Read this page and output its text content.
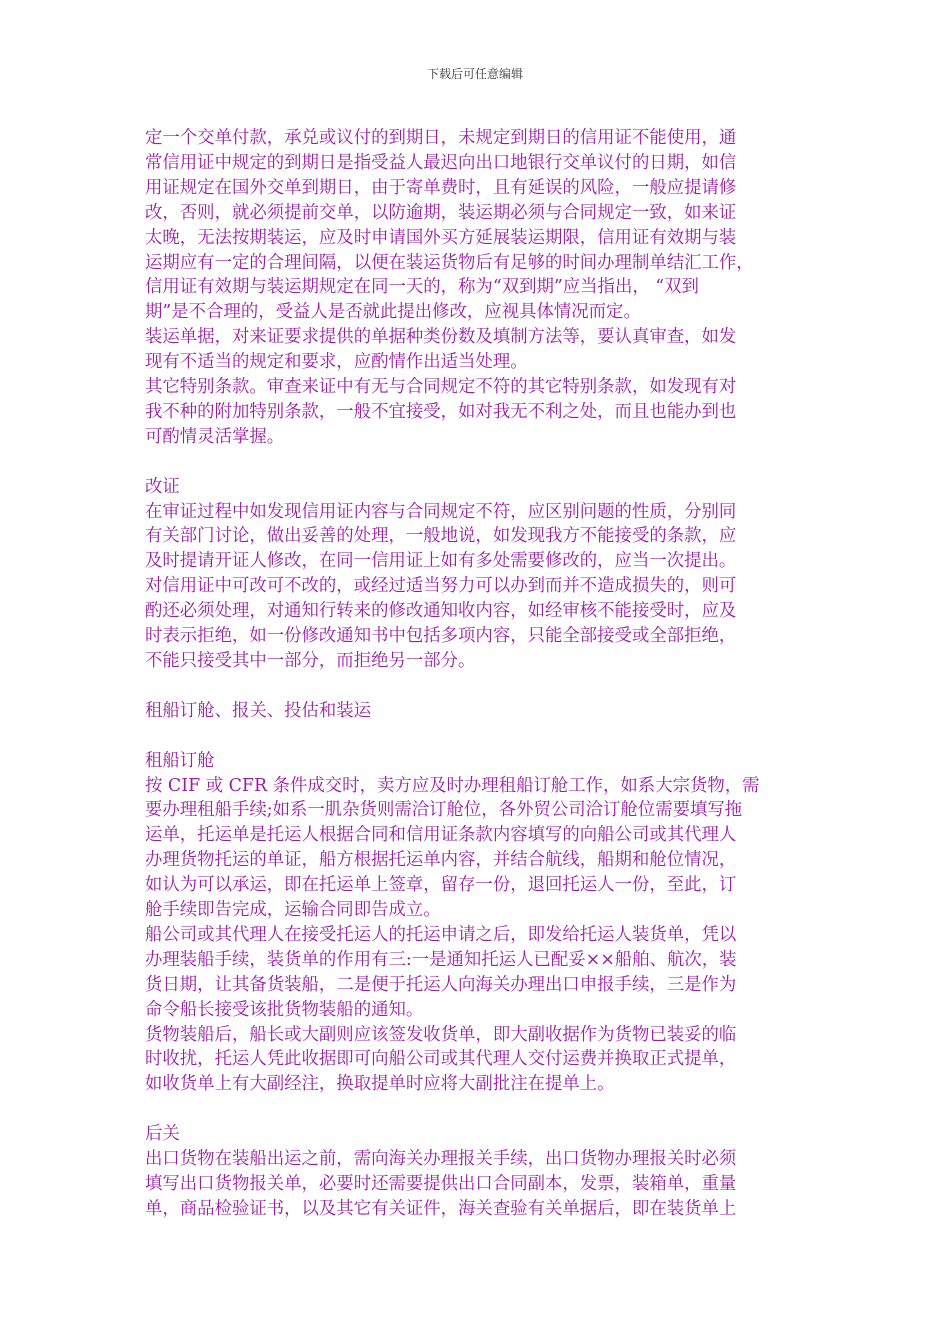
下载后可任意编辑
定一个交单付款，承兑或议付的到期日，未规定到期日的信用证不能使用，通
常信用证中规定的到期日是指受益人最迟向出口地银行交单议付的日期，如信
用证规定在国外交单到期日，由于寄单费时，且有延误的风险，一般应提请修
改，否则，就必须提前交单，以防逾期，装运期必须与合同规定一致，如来证
太晚，无法按期装运，应及时申请国外买方延展装运期限，信用证有效期与装
运期应有一定的合理间隔，以便在装运货物后有足够的时间办理制单结汇工作，
信用证有效期与装运期规定在同一天的，称为“双到期”应当指出， “双到
期”是不合理的，受益人是否就此提出修改，应视具体情况而定。
装运单据，对来证要求提供的单据种类份数及填制方法等，要认真审查，如发
现有不适当的规定和要求，应酌情作出适当处理。
其它特别条款。审查来证中有无与合同规定不符的其它特别条款，如发现有对
我不种的附加特别条款，一般不宜接受，如对我无不利之处，而且也能办到也
可酌情灵活掌握。
改证
在审证过程中如发现信用证内容与合同规定不符，应区别问题的性质，分别同
有关部门讨论，做出妥善的处理，一般地说，如发现我方不能接受的条款，应
及时提请开证人修改，在同一信用证上如有多处需要修改的，应当一次提出。
对信用证中可改可不改的，或经过适当努力可以办到而并不造成损失的，则可
酌还必须处理，对通知行转来的修改通知收内容，如经审核不能接受时，应及
时表示拒绝，如一份修改通知书中包括多项内容，只能全部接受或全部拒绝，
不能只接受其中一部分，而拒绝另一部分。
租船订舱、报关、投估和装运
租船订舱
按 CIF 或 CFR 条件成交时，卖方应及时办理租船订舱工作，如系大宗货物，需
要办理租船手续;如系一肌杂货则需洽订舱位，各外贸公司洽订舱位需要填写拖
运单，托运单是托运人根据合同和信用证条款内容填写的向船公司或其代理人
办理货物托运的单证，船方根据托运单内容，并结合航线，船期和舱位情况，
如认为可以承运，即在托运单上签章，留存一份，退回托运人一份，至此，订
舱手续即告完成，运输合同即告成立。
船公司或其代理人在接受托运人的托运申请之后，即发给托运人装货单，凭以
办理装船手续，装货单的作用有三:一是通知托运人已配妥××船舶、航次，装
货日期，让其备货装船，二是便于托运人向海关办理出口申报手续，三是作为
命令船长接受该批货物装船的通知。
货物装船后，船长或大副则应该签发收货单，即大副收据作为货物已装妥的临
时收扰，托运人凭此收据即可向船公司或其代理人交付运费并换取正式提单，
如收货单上有大副经注，换取提单时应将大副批注在提单上。
后关
出口货物在装船出运之前，需向海关办理报关手续，出口货物办理报关时必须
填写出口货物报关单，必要时还需要提供出口合同副本，发票，装箱单，重量
单，商品检验证书，以及其它有关证件，海关查验有关单据后，即在装货单上
